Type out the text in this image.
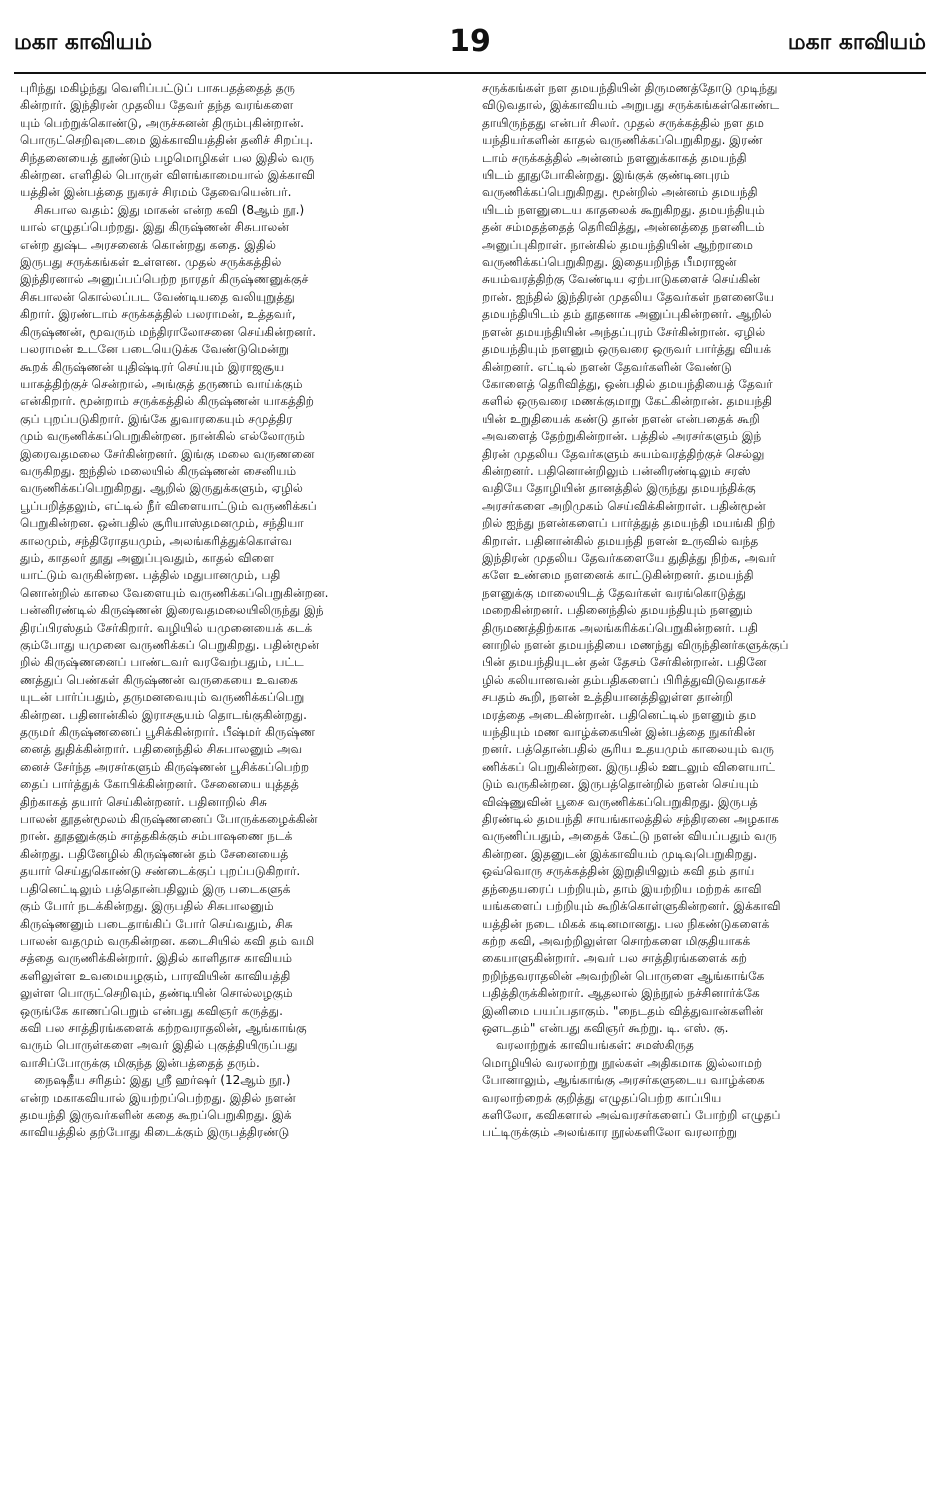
மகா காவியம்	19	மகா காவியம்

புரிந்து மகிழ்ந்து வெளிப்பட்டுப் பாசுபதத்தைத் தரு

கின்றார். இந்திரன் முதலிய தேவர் தந்த வரங்களை

யும் பெற்றுக்கொண்டு, அருச்சுனன் திரும்புகின்றான்.

பொருட்செறிவுடைமை இக்காவியத்தின் தனிச் சிறப்பு.

சிந்தனையைத் தூண்டும் பழமொழிகள் பல இதில் வரு

கின்றன. எளிதில் பொருள் விளங்காமையால் இக்காவி

யத்தின் இன்பத்தை நுகரச் சிரமம் தேவையென்பர்.

சிசுபால வதம்: இது மாகன் என்ற கவி (8ஆம் நூ.)

யால் எழுதப்பெற்றது. இது கிருஷ்ணன் சிசுபாலன்

என்ற துஷ்ட அரசனைக் கொன்றது கதை. இதில்

இருபது சருக்கங்கள் உள்ளன. முதல் சருக்கத்தில்

இந்திரனால் அனுப்பப்பெற்ற நாரதர் கிருஷ்ணனுக்குச்

சிசுபாலன் கொல்லப்பட வேண்டியதை வலியுறுத்து

கிறார். இரண்டாம் சருக்கத்தில் பலராமன், உத்தவர்,

கிருஷ்ணன், மூவரும் மந்திராலோசனை செய்கின்றனர்.

பலராமன் உடனே படையெடுக்க வேண்டுமென்று

கூறக் கிருஷ்ணன் யுதிஷ்டிரர் செய்யும் இராஜசூய

யாகத்திற்குச் சென்றால், அங்குத் தருணம் வாய்க்கும்

என்கிறார். மூன்றாம் சருக்கத்தில் கிருஷ்ணன் யாகத்திற்

குப் புறப்படுகிறார். இங்கே துவாரகையும் சமுத்திர

மும் வருணிக்கப்பெறுகின்றன. நான்கில் எல்லோரும்

இரைவதமலை சேர்கின்றனர். இங்கு மலை வருணனை

வருகிறது. ஐந்தில் மலையில் கிருஷ்ணன் சைனியம்

வருணிக்கப்பெறுகிறது. ஆறில் இருதுக்களும், ஏழில்

பூப்பறித்தலும், எட்டில் நீர் விளையாட்டும் வருணிக்கப்

பெறுகின்றன. ஒன்பதில் சூரியாஸ்தமனமும், சந்தியா

காலமும், சந்திரோதயமும், அலங்கரித்துக்கொள்வ

தும், காதலர் தூது அனுப்புவதும், காதல் விளை

யாட்டும் வருகின்றன. பத்தில் மதுபானமும், பதி

னொன்றில் காலை வேளையும் வருணிக்கப்பெறுகின்றன.

பன்னிரண்டில் கிருஷ்ணன் இரைவதமலையிலிருந்து இந்

திரப்பிரஸ்தம் சேர்கிறார். வழியில் யமுனையைக் கடக்

கும்போது யமுனை வருணிக்கப் பெறுகிறது. பதின்மூன்

றில் கிருஷ்ணனைப் பாண்டவர் வரவேற்பதும், பட்ட

ணத்துப் பெண்கள் கிருஷ்ணன் வருகையை உவகை

யுடன் பார்ப்பதும், தருமனவையும் வருணிக்கப்பெறு

கின்றன. பதினான்கில் இராசசூயம் தொடங்குகின்றது.

தருமர் கிருஷ்ணனைப் பூசிக்கின்றார். பீஷ்மர் கிருஷ்ண

னைத் துதிக்கின்றார். பதினைந்தில் சிசுபாலனும் அவ

னைச் சேர்ந்த அரசர்களும் கிருஷ்ணன் பூசிக்கப்பெற்ற

தைப் பார்த்துக் கோபிக்கின்றனர். சேனையை யுத்தத்

திற்காகத் தயார் செய்கின்றனர். பதினாறில் சிசு

பாலன் தூதன்மூலம் கிருஷ்ணனைப் போருக்கழைக்கின்

றான். தூதனுக்கும் சாத்தகிக்கும் சம்பாஷணை நடக்

கின்றது. பதினேழில் கிருஷ்ணன் தம் சேனையைத்

தயார் செய்துகொண்டு சண்டைக்குப் புறப்படுகிறார்.

பதினெட்டிலும் பத்தொன்பதிலும் இரு படைகளுக்

கும் போர் நடக்கின்றது. இருபதில் சிசுபாலனும்

கிருஷ்ணனும் படைதாங்கிப் போர் செய்வதும், சிசு

பாலன் வதமும் வருகின்றன. கடைசியில் கவி தம் வமி

சத்தை வருணிக்கின்றார். இதில் காளிதாச காவியம்

களிலுள்ள உவமையழகும், பாரவியின் காவியத்தி

லுள்ள பொருட்செறிவும், தண்டியின் சொல்லழகும்

ஒருங்கே காணப்பெறும் என்பது கவிஞர் கருத்து.

கவி பல சாத்திரங்களைக் கற்றவராதலின், ஆங்காங்கு

வரும் பொருள்களை அவர் இதில் புகுத்தியிருப்பது

வாசிப்போருக்கு மிகுந்த இன்பத்தைத் தரும்.

நைஷதீய சரிதம்: இது ஸ்ரீ ஹர்ஷர் (12ஆம் நூ.)

என்ற மகாகவியால் இயற்றப்பெற்றது. இதில் நளன்

தமயந்தி இருவர்களின் கதை கூறப்பெறுகிறது. இக்

காவியத்தில் தற்போது கிடைக்கும் இருபத்திரண்டு

சருக்கங்கள் நள தமயந்தியின் திருமணத்தோடு முடிந்து

விடுவதால், இக்காவியம் அறுபது சருக்கங்கள்கொண்ட

தாயிருந்தது என்பர் சிலர். முதல் சருக்கத்தில் நள தம

யந்தியர்களின் காதல் வருணிக்கப்பெறுகிறது. இரண்

டாம் சருக்கத்தில் அன்னம் நளனுக்காகத் தமயந்தி

யிடம் தூதுபோகின்றது. இங்குக் குண்டினபுரம்

வருணிக்கப்பெறுகிறது. மூன்றில் அன்னம் தமயந்தி

யிடம் நளனுடைய காதலைக் கூறுகிறது. தமயந்தியும்

தன் சம்மதத்தைத் தெரிவித்து, அன்னத்தை நளனிடம்

அனுப்புகிறாள். நான்கில் தமயந்தியின் ஆற்றாமை

வருணிக்கப்பெறுகிறது. இதையறிந்த பீமராஜன்

சுயம்வரத்திற்கு வேண்டிய ஏற்பாடுகளைச் செய்கின்

றான். ஐந்தில் இந்திரன் முதலிய தேவர்கள் நளனையே

தமயந்தியிடம் தம் தூதனாக அனுப்புகின்றனர். ஆறில்

நளன் தமயந்தியின் அந்தப்புரம் சேர்கின்றான். ஏழில்

தமயந்தியும் நளனும் ஒருவரை ஒருவர் பார்த்து வியக்

கின்றனர். எட்டில் நளன் தேவர்களின் வேண்டு

கோளைத் தெரிவித்து, ஒன்பதில் தமயந்தியைத் தேவர்

களில் ஒருவரை மணக்குமாறு கேட்கின்றான். தமயந்தி

யின் உறுதியைக் கண்டு தான் நளன் என்பதைக் கூறி

அவளைத் தேற்றுகின்றான். பத்தில் அரசர்களும் இந்

திரன் முதலிய தேவர்களும் சுயம்வரத்திற்குச் செல்லு

கின்றனர். பதினொன்றிலும் பன்னிரண்டிலும் சரஸ்

வதியே தோழியின் தானத்தில் இருந்து தமயந்திக்கு

அரசர்களை அறிமுகம் செய்விக்கின்றாள். பதின்மூன்

றில் ஐந்து நளன்களைப் பார்த்துத் தமயந்தி மயங்கி நிற்

கிறாள். பதினான்கில் தமயந்தி நளன் உருவில் வந்த

இந்திரன் முதலிய தேவர்களையே துதித்து நிற்க, அவர்

களே உண்மை நளனைக் காட்டுகின்றனர். தமயந்தி

நளனுக்கு மாலையிடத் தேவர்கள் வரங்கொடுத்து

மறைகின்றனர். பதினைந்தில் தமயந்தியும் நளனும்

திருமணத்திற்காக அலங்கரிக்கப்பெறுகின்றனர். பதி

னாறில் நளன் தமயந்தியை மணந்து விருந்தினர்களுக்குப்

பின் தமயந்தியுடன் தன் தேசம் சேர்கின்றான். பதினே

ழில் கலியானவன் தம்பதிகளைப் பிரித்துவிடுவதாகச்

சபதம் கூறி, நளன் உத்தியானத்திலுள்ள தான்றி

மரத்தை அடைகின்றான். பதினெட்டில் நளனும் தம

யந்தியும் மண வாழ்க்கையின் இன்பத்தை நுகர்கின்

றனர். பத்தொன்பதில் சூரிய உதயமும் காலையும் வரு

ணிக்கப் பெறுகின்றன. இருபதில் ஊடலும் விளையாட்

டும் வருகின்றன. இருபத்தொன்றில் நளன் செய்யும்

விஷ்ணுவின் பூசை வருணிக்கப்பெறுகிறது. இருபத்

திரண்டில் தமயந்தி சாயங்காலத்தில் சந்திரனை அழகாக

வருணிப்பதும், அதைக் கேட்டு நளன் வியப்பதும் வரு

கின்றன. இதனுடன் இக்காவியம் முடிவுபெறுகிறது.

ஒவ்வொரு சருக்கத்தின் இறுதியிலும் கவி தம் தாய்

தந்தையரைப் பற்றியும், தாம் இயற்றிய மற்றக் காவி

யங்களைப் பற்றியும் கூறிக்கொள்ளுகின்றனர். இக்காவி

யத்தின் நடை மிகக் கடினமானது. பல நிகண்டுகளைக்

கற்ற கவி, அவற்றிலுள்ள சொற்களை மிகுதியாகக்

கையாளுகின்றார். அவர் பல சாத்திரங்களைக் கற்

றறிந்தவராதலின் அவற்றின் பொருளை ஆங்காங்கே

பதித்திருக்கின்றார். ஆதலால் இந்நூல் நச்சினார்க்கே

இனிமை பயப்பதாகும். "நைடதம் வித்துவான்களின்

ஔடதம்" என்பது கவிஞர் கூற்று. டி. எஸ். கு.

வரலாற்றுக் காவியங்கள்: சமஸ்கிருத

மொழியில் வரலாற்று நூல்கள் அதிகமாக இல்லாமற்

போனாலும், ஆங்காங்கு அரசர்களுடைய வாழ்க்கை

வரலாற்றைக் குறித்து எழுதப்பெற்ற காப்பிய

களிலோ, கவிகளால் அவ்வரசர்களைப் போற்றி எழுதப்

பட்டிருக்கும் அலங்கார நூல்களிலோ வரலாற்று
